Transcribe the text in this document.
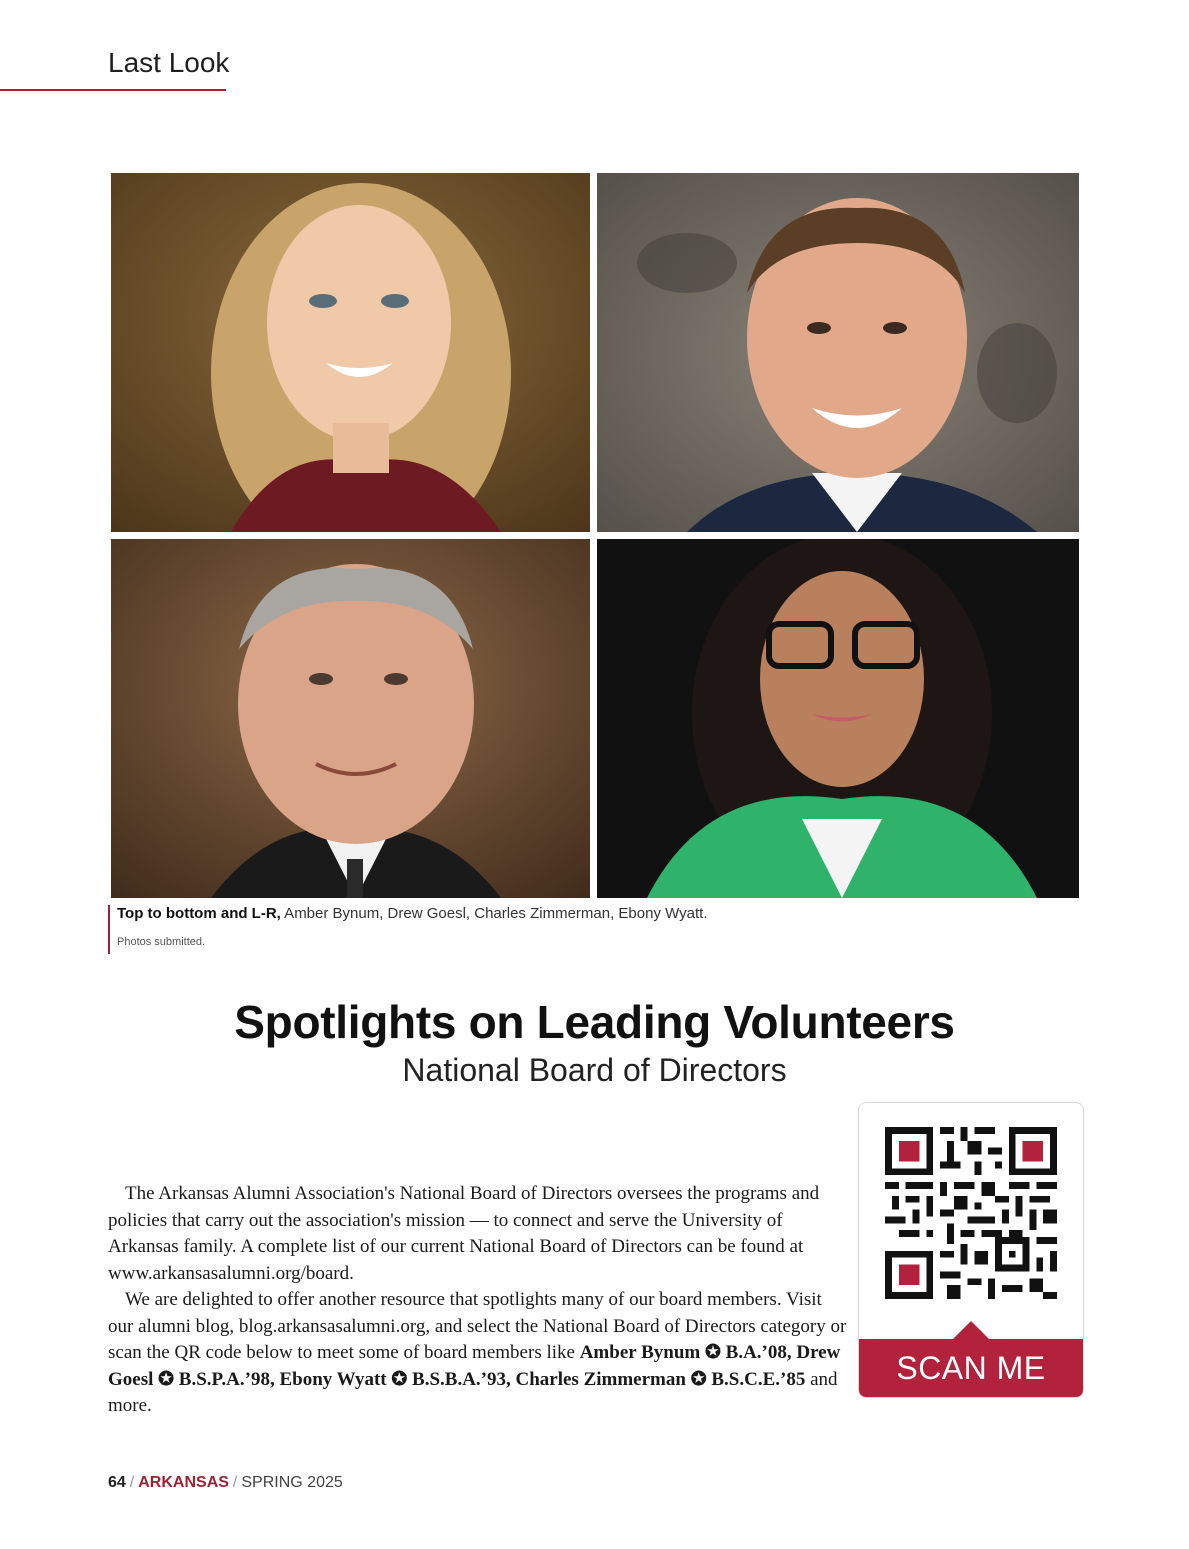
Last Look
Top to bottom and L-R, Amber Bynum, Drew Goesl, Charles Zimmerman, Ebony Wyatt.
Photos submitted.
Spotlights on Leading Volunteers
National Board of Directors

The Arkansas Alumni Association's National Board of Directors oversees the programs and policies that carry out the association's mission — to connect and serve the University of Arkansas family. A complete list of our current National Board of Directors can be found at www.arkansasalumni.org/board.

We are delighted to offer another resource that spotlights many of our board members. Visit our alumni blog, blog.arkansasalumni.org, and select the National Board of Directors category or scan the QR code below to meet some of board members like Amber Bynum ✪ B.A.’08, Drew Goesl ✪ B.S.P.A.’98, Ebony Wyatt ✪ B.S.B.A.’93, Charles Zimmerman ✪ B.S.C.E.’85 and more.

SCAN ME
64 / ARKANSAS / SPRING 2025
